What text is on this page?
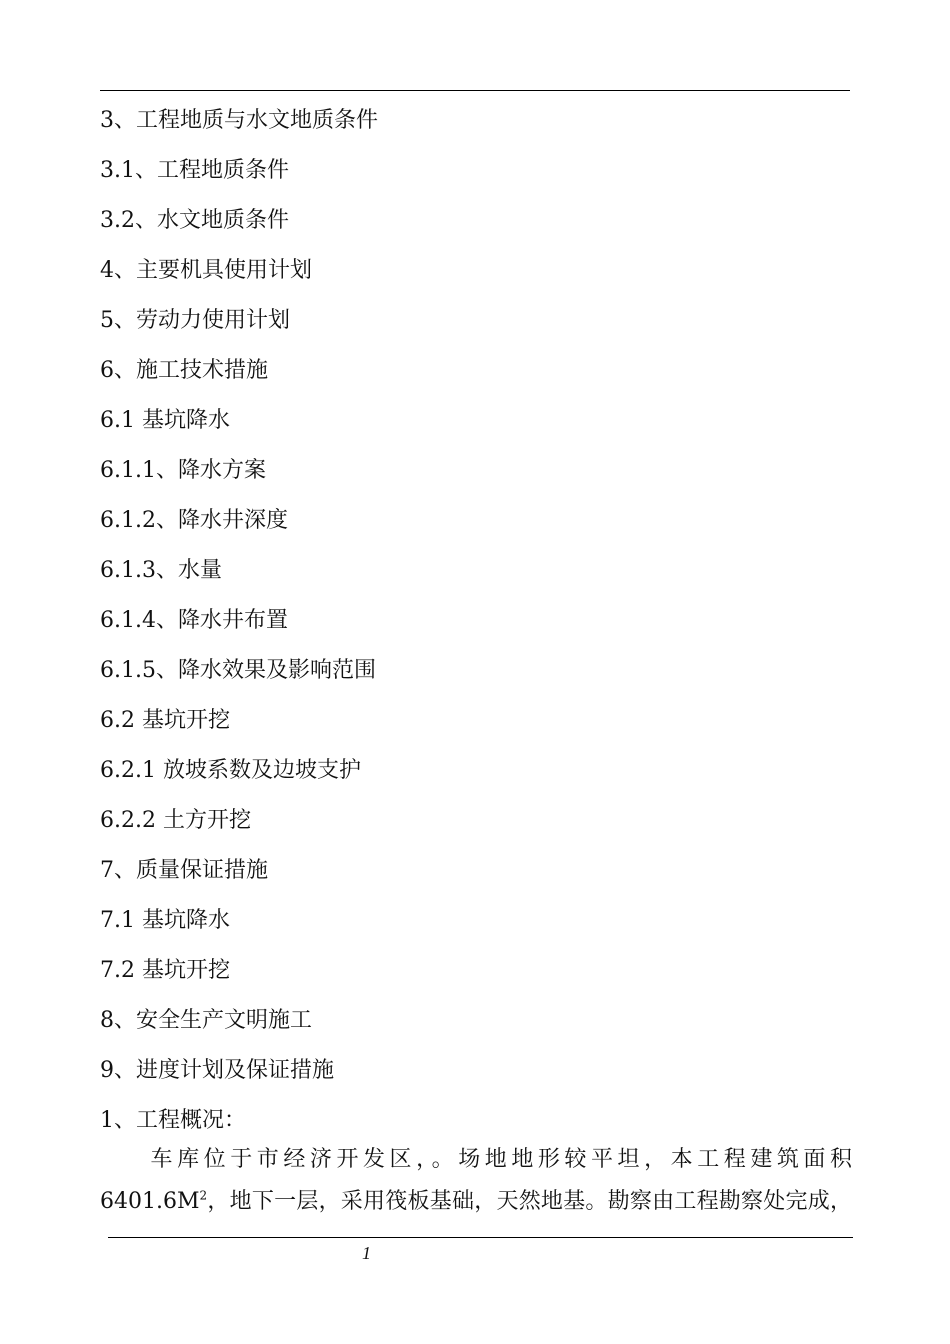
3、工程地质与水文地质条件
3.1、工程地质条件
3.2、水文地质条件
4、主要机具使用计划
5、劳动力使用计划
6、施工技术措施
6.1 基坑降水
6.1.1、降水方案
6.1.2、降水井深度
6.1.3、水量
6.1.4、降水井布置
6.1.5、降水效果及影响范围
6.2 基坑开挖
6.2.1 放坡系数及边坡支护
6.2.2 土方开挖
7、质量保证措施
7.1 基坑降水
7.2 基坑开挖
8、安全生产文明施工
9、进度计划及保证措施
1、工程概况：
车库位于市经济开发区，。场地地形较平坦，本工程建筑面积
$6401.6M^2$，地下一层，采用筏板基础，天然地基。勘察由工程勘察处完成，
1
